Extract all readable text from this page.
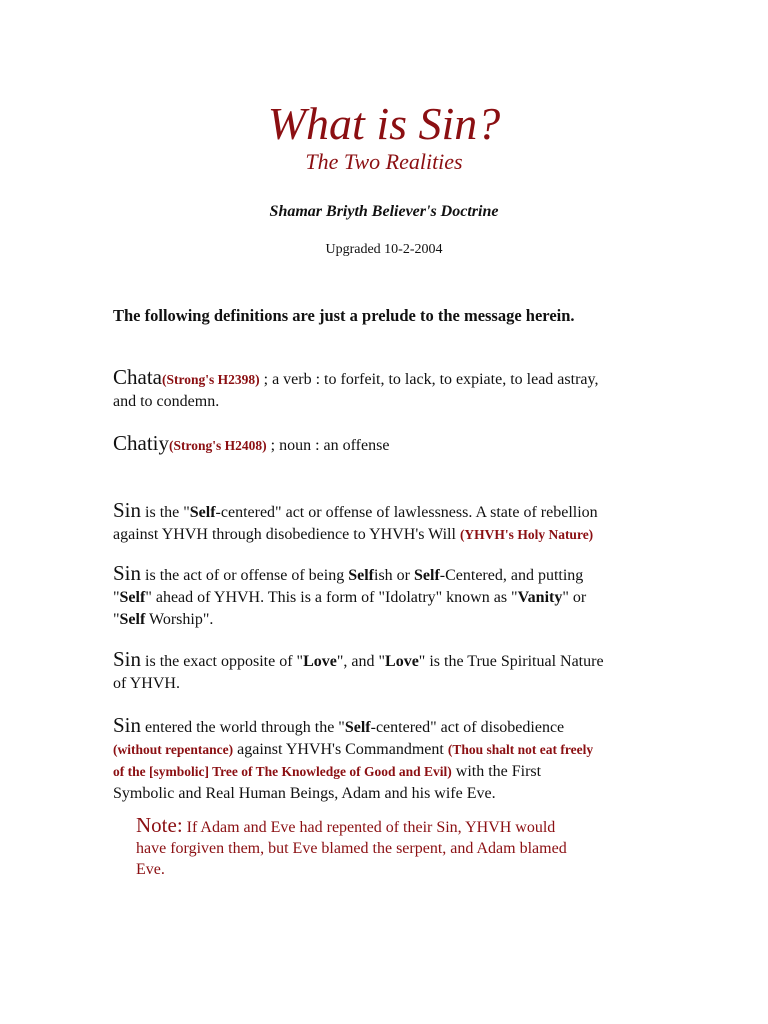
What is Sin?
The Two Realities
Shamar Briyth Believer's Doctrine
Upgraded 10-2-2004
The following definitions are just a prelude to the message herein.
Chata(Strong's H2398) ; a verb : to forfeit, to lack, to expiate, to lead astray,
and to condemn.
Chatiy(Strong's H2408) ; noun : an offense
Sin is the "Self-centered" act or offense of lawlessness. A state of rebellion
against YHVH through disobedience to YHVH's Will (YHVH's Holy Nature)
Sin is the act of or offense of being Selfish or Self-Centered, and putting
"Self" ahead of YHVH. This is a form of "Idolatry" known as "Vanity" or
"Self Worship".
Sin is the exact opposite of "Love", and "Love" is the True Spiritual Nature
of YHVH.
Sin entered the world through the "Self-centered" act of disobedience
(without repentance) against YHVH's Commandment (Thou shalt not eat freely
of the [symbolic] Tree of The Knowledge of Good and Evil) with the First
Symbolic and Real Human Beings, Adam and his wife Eve.
Note: If Adam and Eve had repented of their Sin, YHVH would
have forgiven them, but Eve blamed the serpent, and Adam blamed
Eve.
